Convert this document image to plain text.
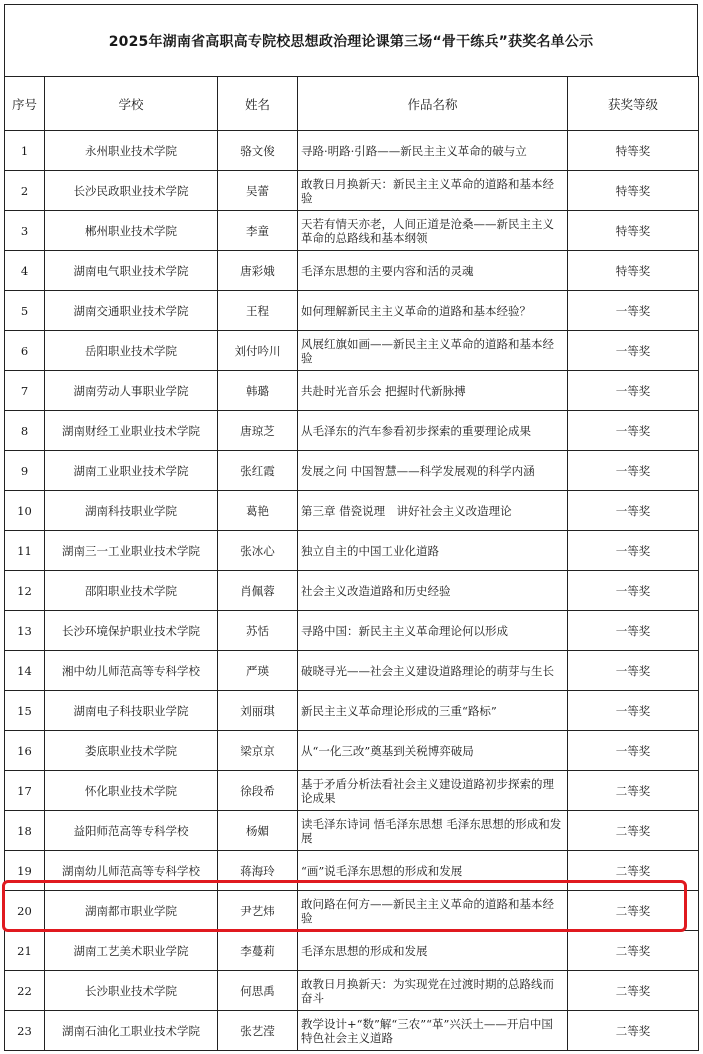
2025年湖南省高职高专院校思想政治理论课第三场“骨干练兵”获奖名单公示
序号	学校	姓名	作品名称	获奖等级
1	永州职业技术学院	骆文俊	寻路·明路·引路——新民主主义革命的破与立	特等奖
2	长沙民政职业技术学院	吴蕾	敢教日月换新天：新民主主义革命的道路和基本经验	特等奖
3	郴州职业技术学院	李童	天若有情天亦老，人间正道是沧桑——新民主主义革命的总路线和基本纲领	特等奖
4	湖南电气职业技术学院	唐彩娥	毛泽东思想的主要内容和活的灵魂	特等奖
5	湖南交通职业技术学院	王程	如何理解新民主主义革命的道路和基本经验？	一等奖
6	岳阳职业技术学院	刘付吟川	风展红旗如画——新民主主义革命的道路和基本经验	一等奖
7	湖南劳动人事职业学院	韩璐	共赴时光音乐会 把握时代新脉搏	一等奖
8	湖南财经工业职业技术学院	唐琼芝	从毛泽东的汽车参看初步探索的重要理论成果	一等奖
9	湖南工业职业技术学院	张红霞	发展之问 中国智慧——科学发展观的科学内涵	一等奖
10	湖南科技职业学院	葛艳	第三章 借瓷说理　讲好社会主义改造理论	一等奖
11	湖南三一工业职业技术学院	张冰心	独立自主的中国工业化道路	一等奖
12	邵阳职业技术学院	肖佩蓉	社会主义改造道路和历史经验	一等奖
13	长沙环境保护职业技术学院	苏恬	寻路中国：新民主主义革命理论何以形成	一等奖
14	湘中幼儿师范高等专科学校	严瑛	破晓寻光——社会主义建设道路理论的萌芽与生长	一等奖
15	湖南电子科技职业学院	刘丽琪	新民主主义革命理论形成的三重“路标”	一等奖
16	娄底职业技术学院	梁京京	从“一化三改”奠基到关税博弈破局	一等奖
17	怀化职业技术学院	徐段希	基于矛盾分析法看社会主义建设道路初步探索的理论成果	二等奖
18	益阳师范高等专科学校	杨媚	读毛泽东诗词 悟毛泽东思想 毛泽东思想的形成和发展	二等奖
19	湖南幼儿师范高等专科学校	蒋海玲	“画”说毛泽东思想的形成和发展	二等奖
20	湖南都市职业学院	尹艺炜	敢问路在何方——新民主主义革命的道路和基本经验	二等奖
21	湖南工艺美术职业学院	李蔓莉	毛泽东思想的形成和发展	二等奖
22	长沙职业技术学院	何思禹	敢教日月换新天：为实现党在过渡时期的总路线而奋斗	二等奖
23	湖南石油化工职业技术学院	张艺滢	教学设计+“数”解“三农”“革”兴沃土——开启中国特色社会主义道路	二等奖
